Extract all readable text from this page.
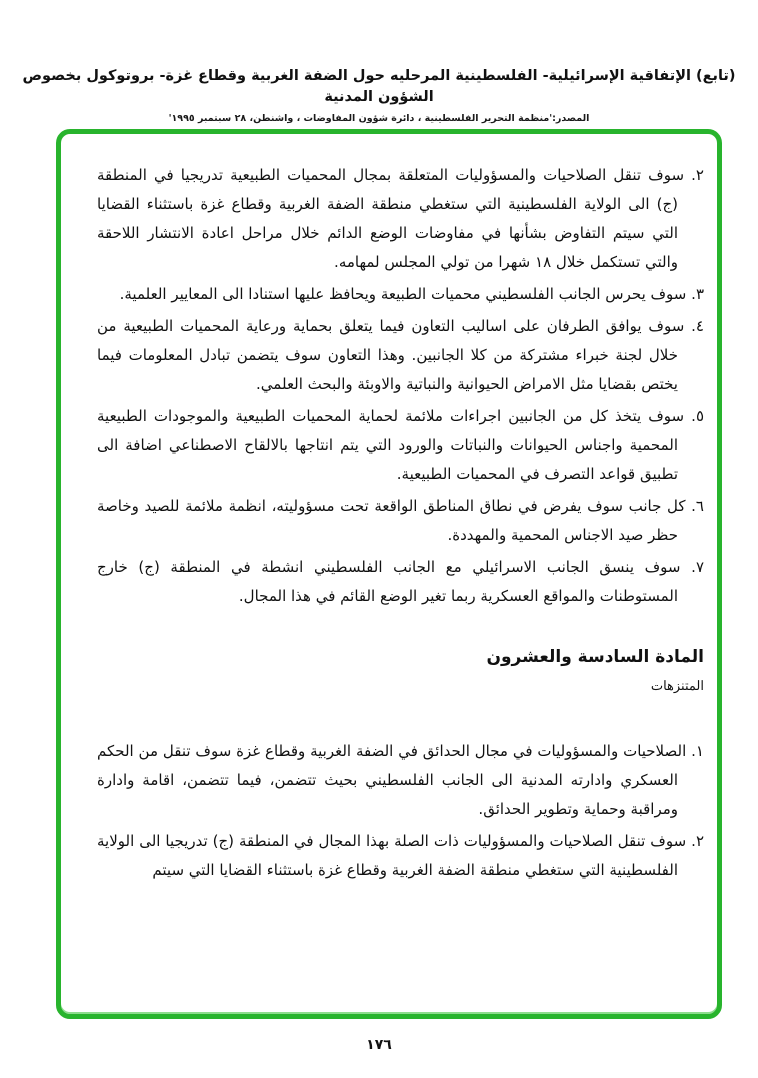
(تابع) الإتفاقية الإسرائيلية- الفلسطينية المرحليه حول الضفة الغربية وقطاع غزة- بروتوكول بخصوص الشؤون المدنية
المصدر:'منظمة التحرير الفلسطينية ، دائرة شؤون المفاوضات ، واشنطن، ٢٨ سبتمبر ١٩٩٥'
٢. سوف تنقل الصلاحيات والمسؤوليات المتعلقة بمجال المحميات الطبيعية تدريجيا في المنطقة (ج) الى الولاية الفلسطينية التي ستغطي منطقة الضفة الغربية وقطاع غزة باستثناء القضايا التي سيتم التفاوض بشأنها في مفاوضات الوضع الدائم خلال مراحل اعادة الانتشار اللاحقة والتي تستكمل خلال ١٨ شهرا من تولي المجلس لمهامه.
٣. سوف يحرس الجانب الفلسطيني محميات الطبيعة ويحافظ عليها استنادا الى المعايير العلمية.
٤. سوف يوافق الطرفان على اساليب التعاون فيما يتعلق بحماية ورعاية المحميات الطبيعية من خلال لجنة خبراء مشتركة من كلا الجانبين. وهذا التعاون سوف يتضمن تبادل المعلومات فيما يختص بقضايا مثل الامراض الحيوانية والنباتية والاوبئة والبحث العلمي.
٥. سوف يتخذ كل من الجانبين اجراءات ملائمة لحماية المحميات الطبيعية والموجودات الطبيعية المحمية واجناس الحيوانات والنباتات والورود التي يتم انتاجها بالالقاح الاصطناعي اضافة الى تطبيق قواعد التصرف في المحميات الطبيعية.
٦. كل جانب سوف يفرض في نطاق المناطق الواقعة تحت مسؤوليته، انظمة ملائمة للصيد وخاصة حظر صيد الاجناس المحمية والمهددة.
٧. سوف ينسق الجانب الاسرائيلي مع الجانب الفلسطيني انشطة في المنطقة (ج) خارج المستوطنات والمواقع العسكرية ربما تغير الوضع القائم في هذا المجال.
المادة السادسة والعشرون
المتنزهات
١. الصلاحيات والمسؤوليات في مجال الحدائق في الضفة الغربية وقطاع غزة سوف تنقل من الحكم العسكري وادارته المدنية الى الجانب الفلسطيني بحيث تتضمن، فيما تتضمن، اقامة وادارة ومراقبة وحماية وتطوير الحدائق.
٢. سوف تنقل الصلاحيات والمسؤوليات ذات الصلة بهذا المجال في المنطقة (ج) تدريجيا الى الولاية الفلسطينية التي ستغطي منطقة الضفة الغربية وقطاع غزة باستثناء القضايا التي سيتم
١٧٦
